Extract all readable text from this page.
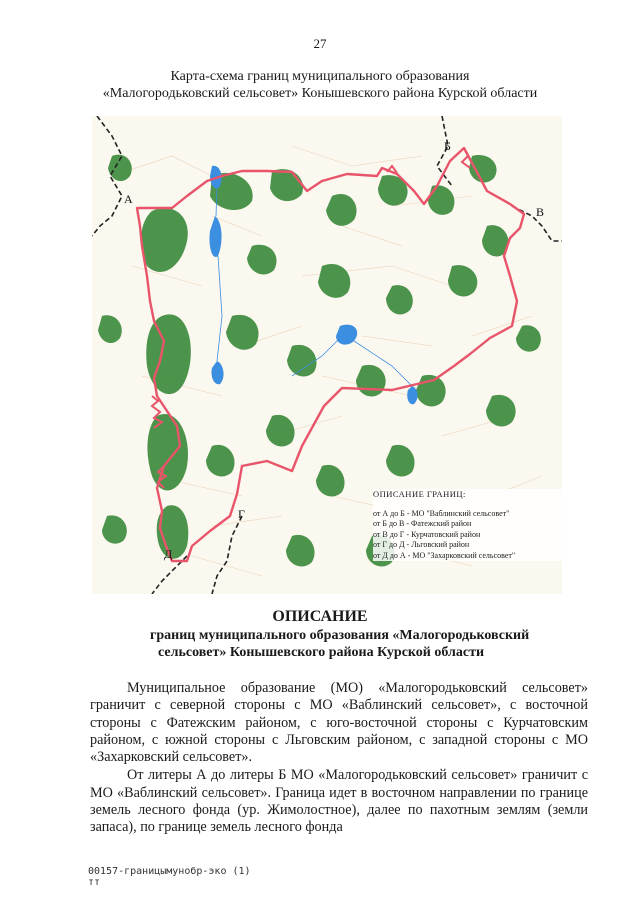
27
Карта-схема границ муниципального образования
«Малогородьковский сельсовет» Конышевского района Курской области
А
Б
В
Г
Д
ОПИСАНИЕ ГРАНИЦ:
от А до Б - МО "Ваблинский сельсовет"
от Б до В - Фатежский район
от В до Г - Курчатовский район
от Г до Д - Льговский район
от Д до А - МО "Захарковский сельсовет"
ОПИСАНИЕ
границ муниципального образования «Малогородьковский
сельсовет» Конышевского района Курской области

Муниципальное образование (МО) «Малогородьковский сельсовет» граничит с северной стороны с МО «Ваблинский сельсовет», с восточной стороны с Фатежским районом, с юго-восточной стороны с Курчатовским районом, с южной стороны с Льговским районом, с западной стороны с МО «Захарковский сельсовет».

От литеры А до литеры Б МО «Малогородьковский сельсовет» граничит с МО «Ваблинский сельсовет». Граница идет в восточном направлении по границе земель лесного фонда (ур. Жимолостное), далее по пахотным землям (земли запаса), по границе земель лесного фонда

00157-границымунобр-эко (1)
тт
